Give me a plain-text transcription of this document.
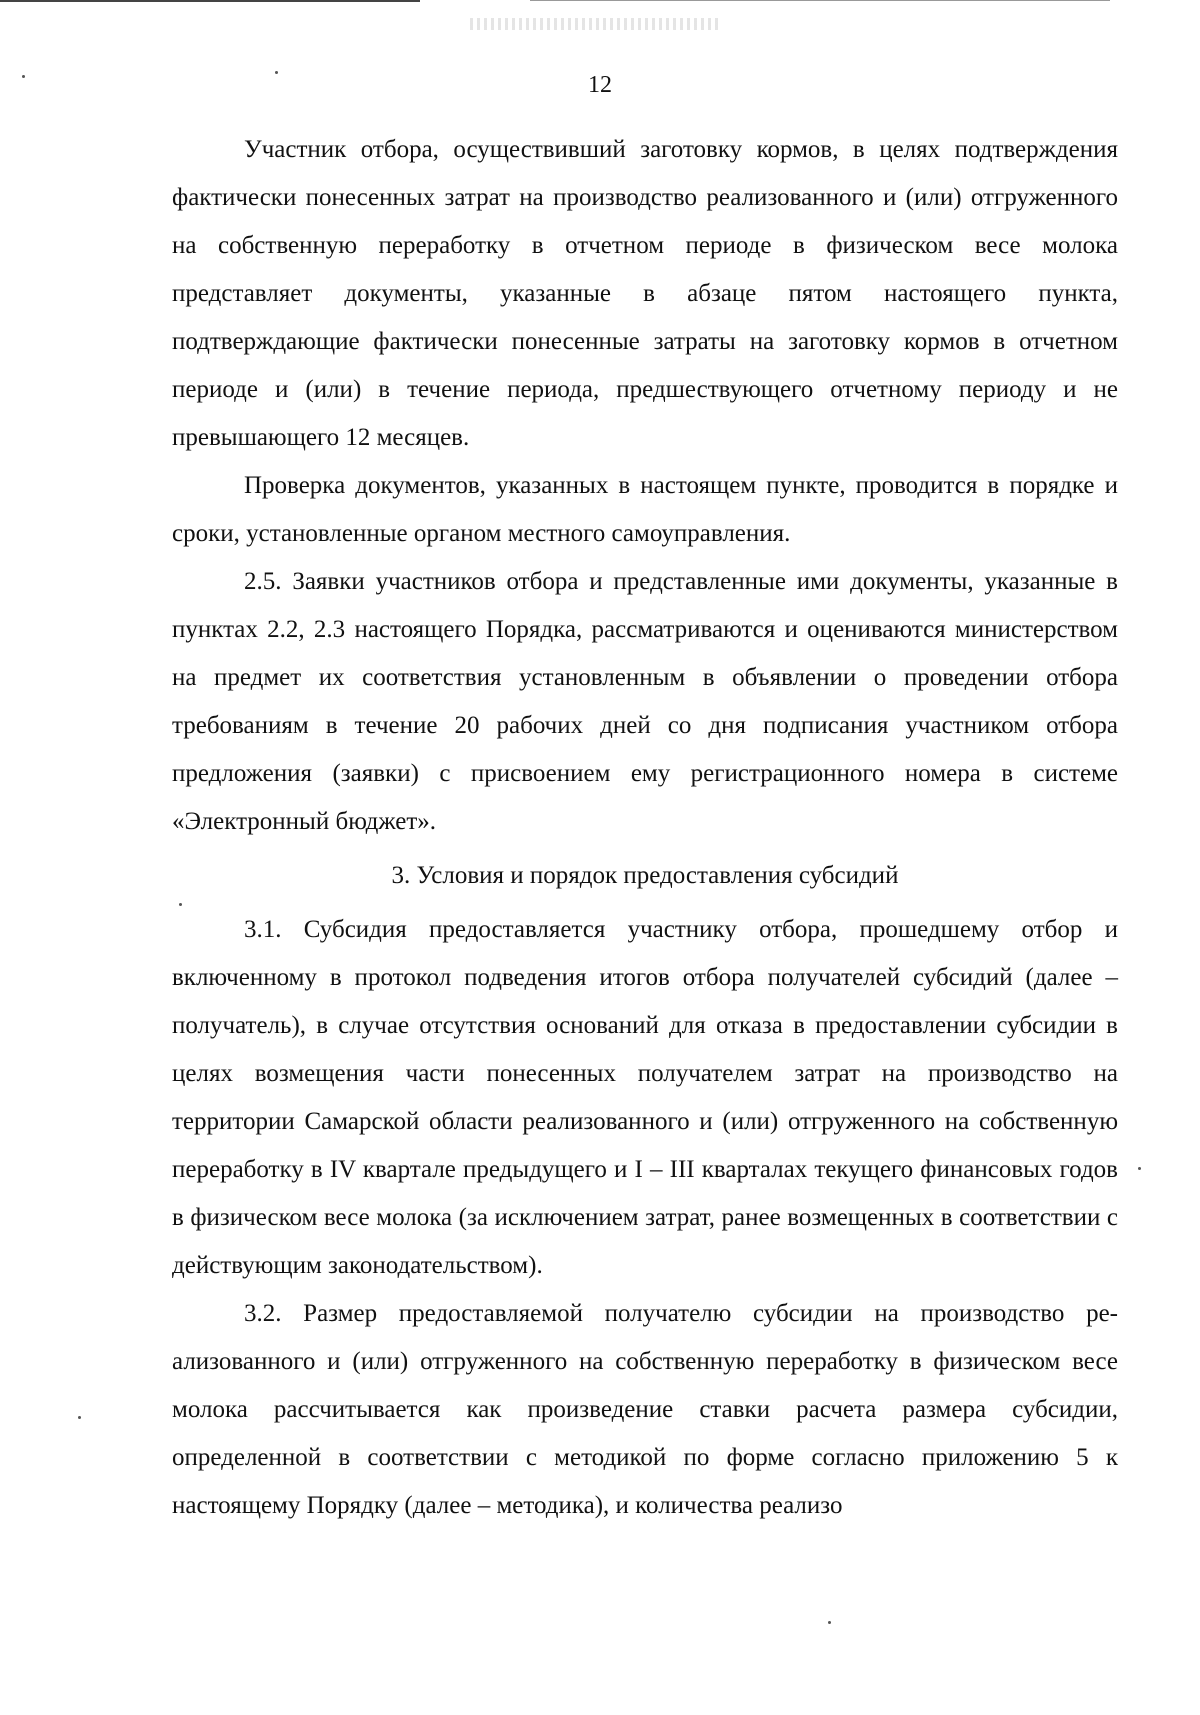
12

Участник отбора, осуществивший заготовку кормов, в целях подтверждения фактически понесенных затрат на производство реализованного и (или) отгруженного на собственную переработку в отчетном периоде в физическом весе молока представляет документы, указанные в абзаце пятом настоящего пункта, подтверждающие фактически понесенные затраты на заготовку кормов в отчетном периоде и (или) в течение периода, предшествующего отчетному периоду и не превышающего 12 месяцев.

Проверка документов, указанных в настоящем пункте, проводится в порядке и сроки, установленные органом местного самоуправления.

2.5. Заявки участников отбора и представленные ими документы, указанные в пунктах 2.2, 2.3 настоящего Порядка, рассматриваются и оцениваются министерством на предмет их соответствия установленным в объявлении о проведении отбора требованиям в течение 20 рабочих дней со дня подписания участником отбора предложения (заявки) с присвоением ему регистрационного номера в системе «Электронный бюджет».

3. Условия и порядок предоставления субсидий

3.1. Субсидия предоставляется участнику отбора, прошедшему отбор и включенному в протокол подведения итогов отбора получателей субсидий (далее – получатель), в случае отсутствия оснований для отказа в предоставлении субсидии в целях возмещения части понесенных получателем затрат на производство на территории Самарской области реализованного и (или) отгруженного на собственную переработку в IV квартале предыдущего и I – III кварталах текущего финансовых годов в физическом весе молока (за исключением затрат, ранее возмещенных в соответствии с действующим законодательством).

3.2. Размер предоставляемой получателю субсидии на производство реализованного и (или) отгруженного на собственную переработку в физическом весе молока рассчитывается как произведение ставки расчета размера субсидии, определенной в соответствии с методикой по форме согласно приложению 5 к настоящему Порядку (далее – методика), и количества реализо
